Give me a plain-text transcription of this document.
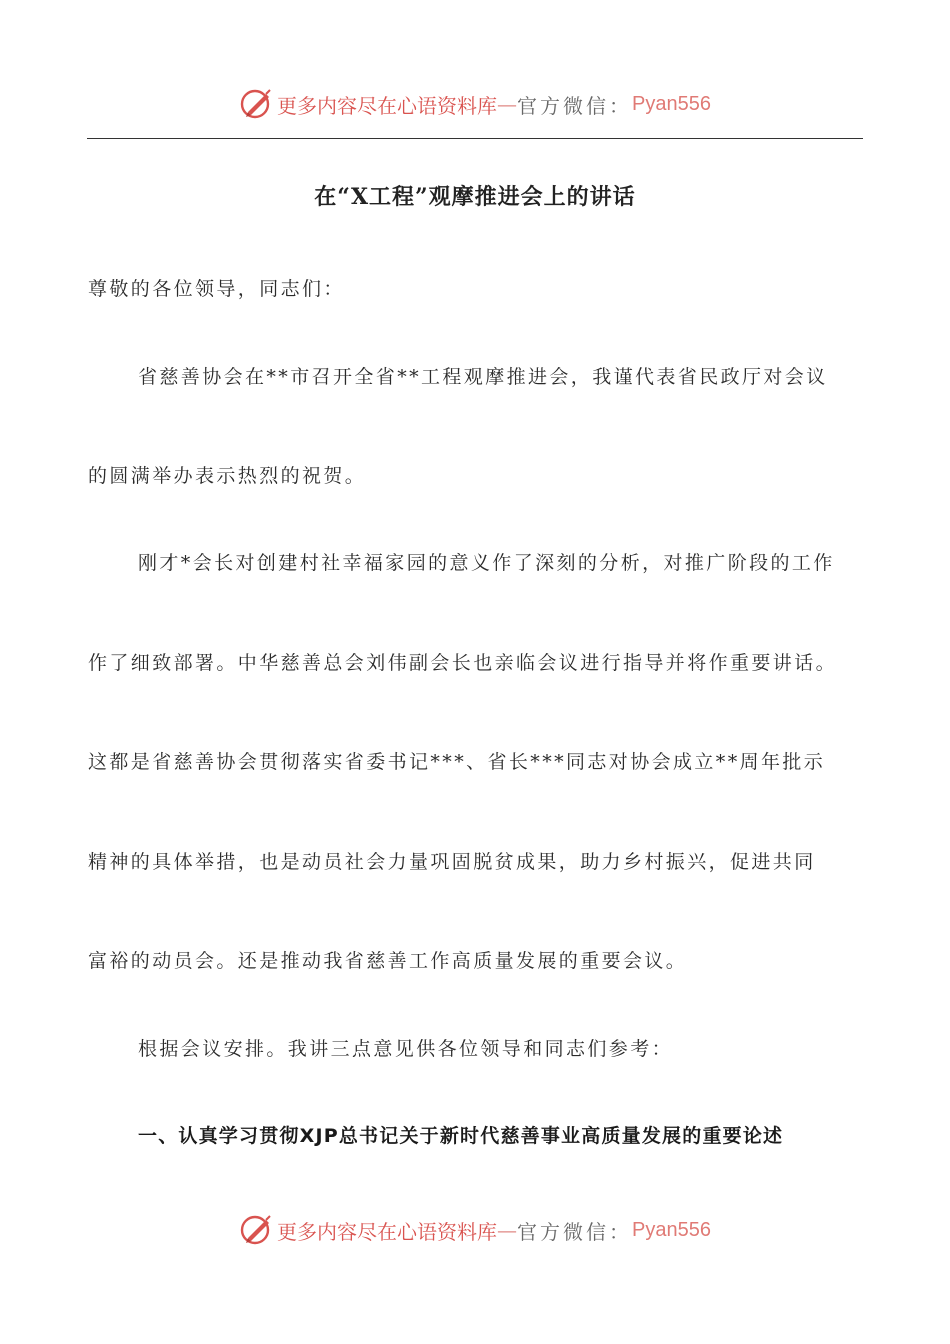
更多内容尽在心语资料库 — 官方微信： Pyan556
在“X工程”观摩推进会上的讲话
尊敬的各位领导，同志们：
省慈善协会在**市召开全省**工程观摩推进会，我谨代表省民政厅对会议
的圆满举办表示热烈的祝贺。
刚才*会长对创建村社幸福家园的意义作了深刻的分析，对推广阶段的工作
作了细致部署。中华慈善总会刘伟副会长也亲临会议进行指导并将作重要讲话。
这都是省慈善协会贯彻落实省委书记***、省长***同志对协会成立**周年批示
精神的具体举措，也是动员社会力量巩固脱贫成果，助力乡村振兴，促进共同
富裕的动员会。还是推动我省慈善工作高质量发展的重要会议。
根据会议安排。我讲三点意见供各位领导和同志们参考：
一、认真学习贯彻XJP总书记关于新时代慈善事业高质量发展的重要论述
更多内容尽在心语资料库 — 官方微信： Pyan556
